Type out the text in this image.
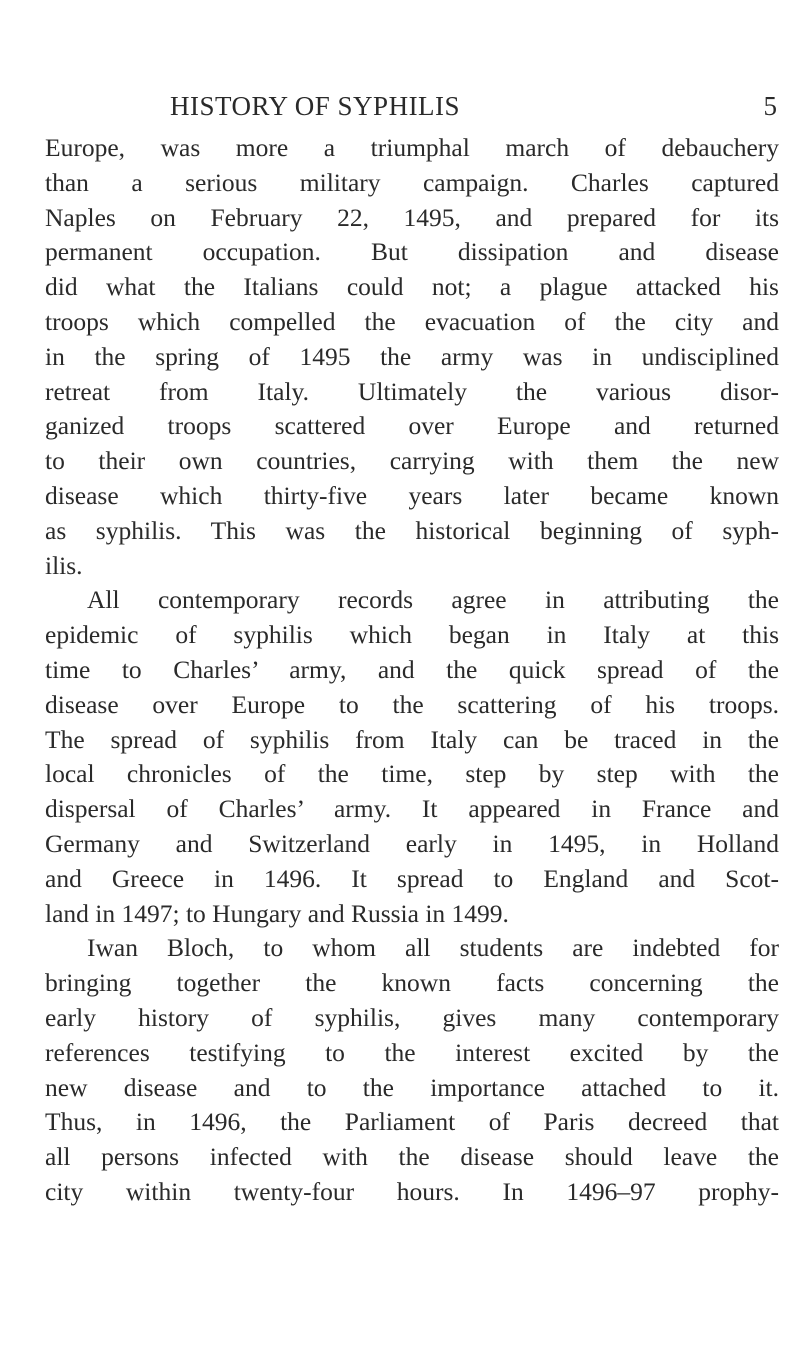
HISTORY OF SYPHILIS	5
Europe, was more a triumphal march of debauchery
than a serious military campaign. Charles captured
Naples on February 22, 1495, and prepared for its
permanent occupation. But dissipation and disease
did what the Italians could not; a plague attacked his
troops which compelled the evacuation of the city and
in the spring of 1495 the army was in undisciplined
retreat from Italy. Ultimately the various disor-
ganized troops scattered over Europe and returned
to their own countries, carrying with them the new
disease which thirty-five years later became known
as syphilis. This was the historical beginning of syph-
ilis.
All contemporary records agree in attributing the
epidemic of syphilis which began in Italy at this
time to Charles’ army, and the quick spread of the
disease over Europe to the scattering of his troops.
The spread of syphilis from Italy can be traced in the
local chronicles of the time, step by step with the
dispersal of Charles’ army. It appeared in France and
Germany and Switzerland early in 1495, in Holland
and Greece in 1496. It spread to England and Scot-
land in 1497; to Hungary and Russia in 1499.
Iwan Bloch, to whom all students are indebted for
bringing together the known facts concerning the
early history of syphilis, gives many contemporary
references testifying to the interest excited by the
new disease and to the importance attached to it.
Thus, in 1496, the Parliament of Paris decreed that
all persons infected with the disease should leave the
city within twenty-four hours. In 1496–97 prophy-
